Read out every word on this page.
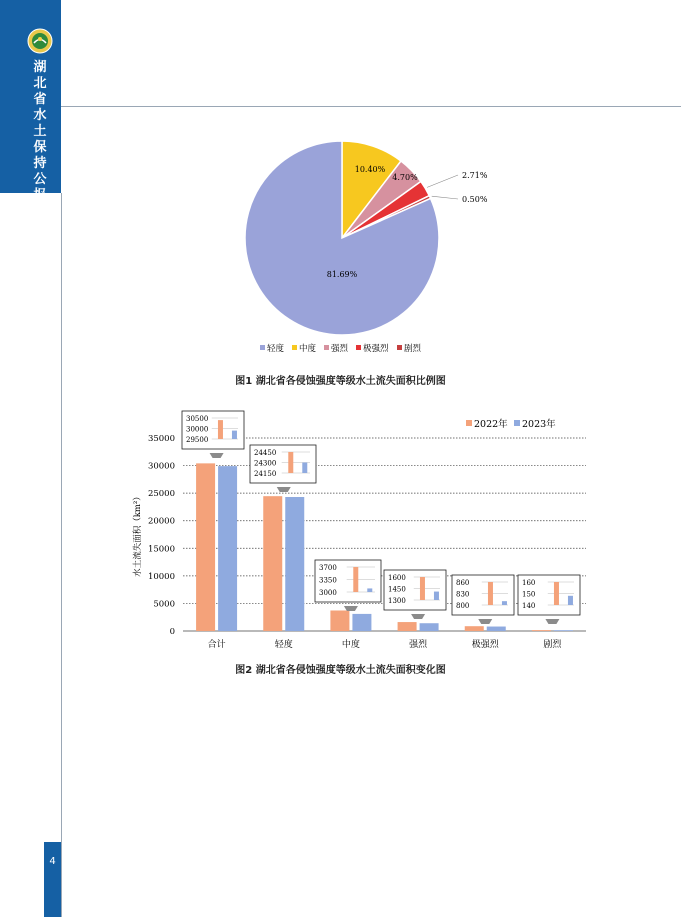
湖北省水土保持公报
81.69%
10.40%
4.70%	2.71%
0.50%
轻度 中度 强烈 极强烈 剧烈
图1 湖北省各侵蚀强度等级水土流失面积比例图
0
5000
10000
15000
20000
25000
30000
35000
水土流失面积（km²）
合计	轻度	中度	强烈	极强烈	剧烈
2022年 2023年
30500
30000
29500
24450
24300
24150
3700
3350
3000
1600
1450
1300
860
830
800
160
150
140
图2 湖北省各侵蚀强度等级水土流失面积变化图
4
